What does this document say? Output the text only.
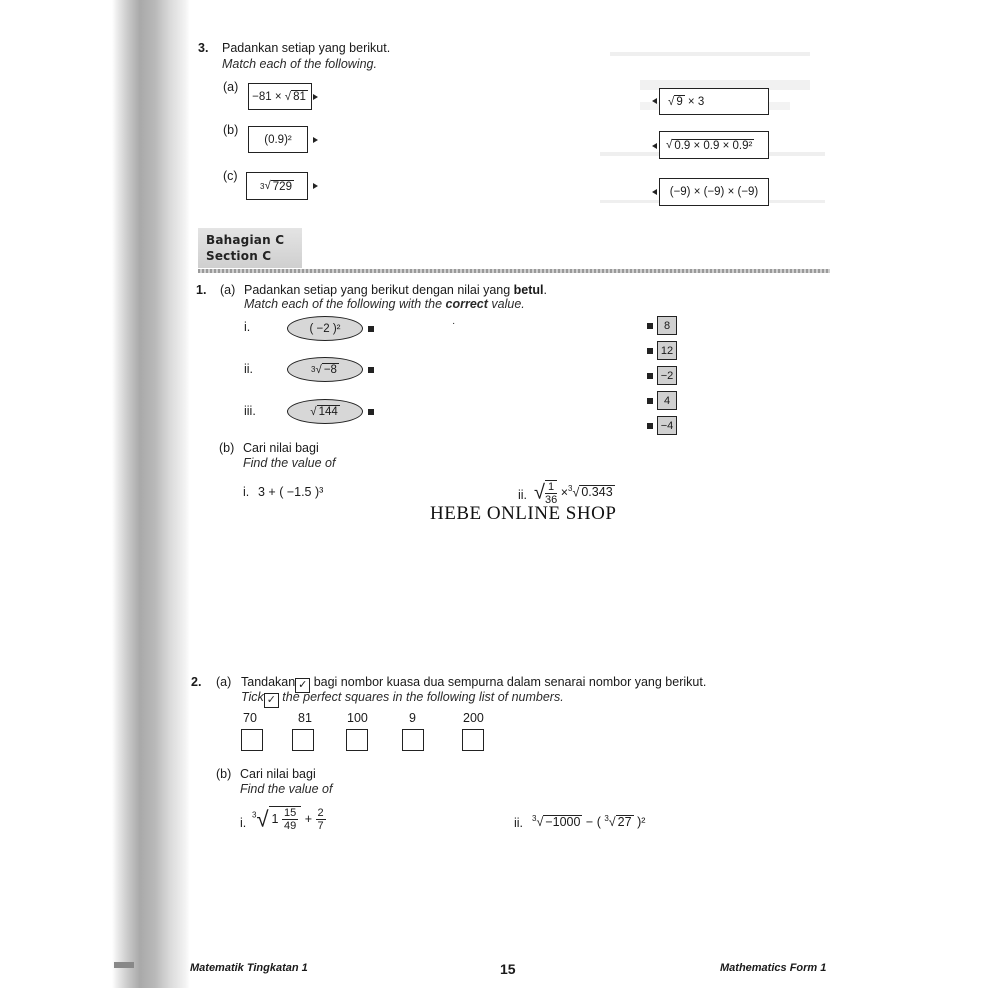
3. Padankan setiap yang berikut.
Match each of the following.
(a)
−81 ×
√ 81
(b)
(0.9)²
(c)
3 √ 729
√ 9
× 3
√ 0.9 × 0.9 × 0.9²
(−9) × (−9) × (−9)
Bahagian C
Section C
1. (a) Padankan setiap yang berikut dengan nilai yang betul.
Match each of the following with the correct value.
i.	( −2 )²
ii.	3 √ −8
iii.	√ 144
·	8
12
−2
4
−4
(b) Cari nilai bagi
Find the value of
i. 3 + ( −1.5 )³	ii. √ $\frac{1}{36} \times^3√$ 0.343
HEBE ONLINE SHOP
2. (a) Tandakan ✓ bagi nombor kuasa dua sempurna dalam senarai nombor yang berikut.
Tick ✓ the perfect squares in the following list of numbers.
70	81	100	9	200
(b) Cari nilai bagi
Find the value of
i.
$^3$√ $1 \frac{15}{49} + \frac{2}{7}$	ii. $^3$√ −1000 − ( $^3$√ 27 )²
Matematik Tingkatan 1	15	Mathematics Form 1
